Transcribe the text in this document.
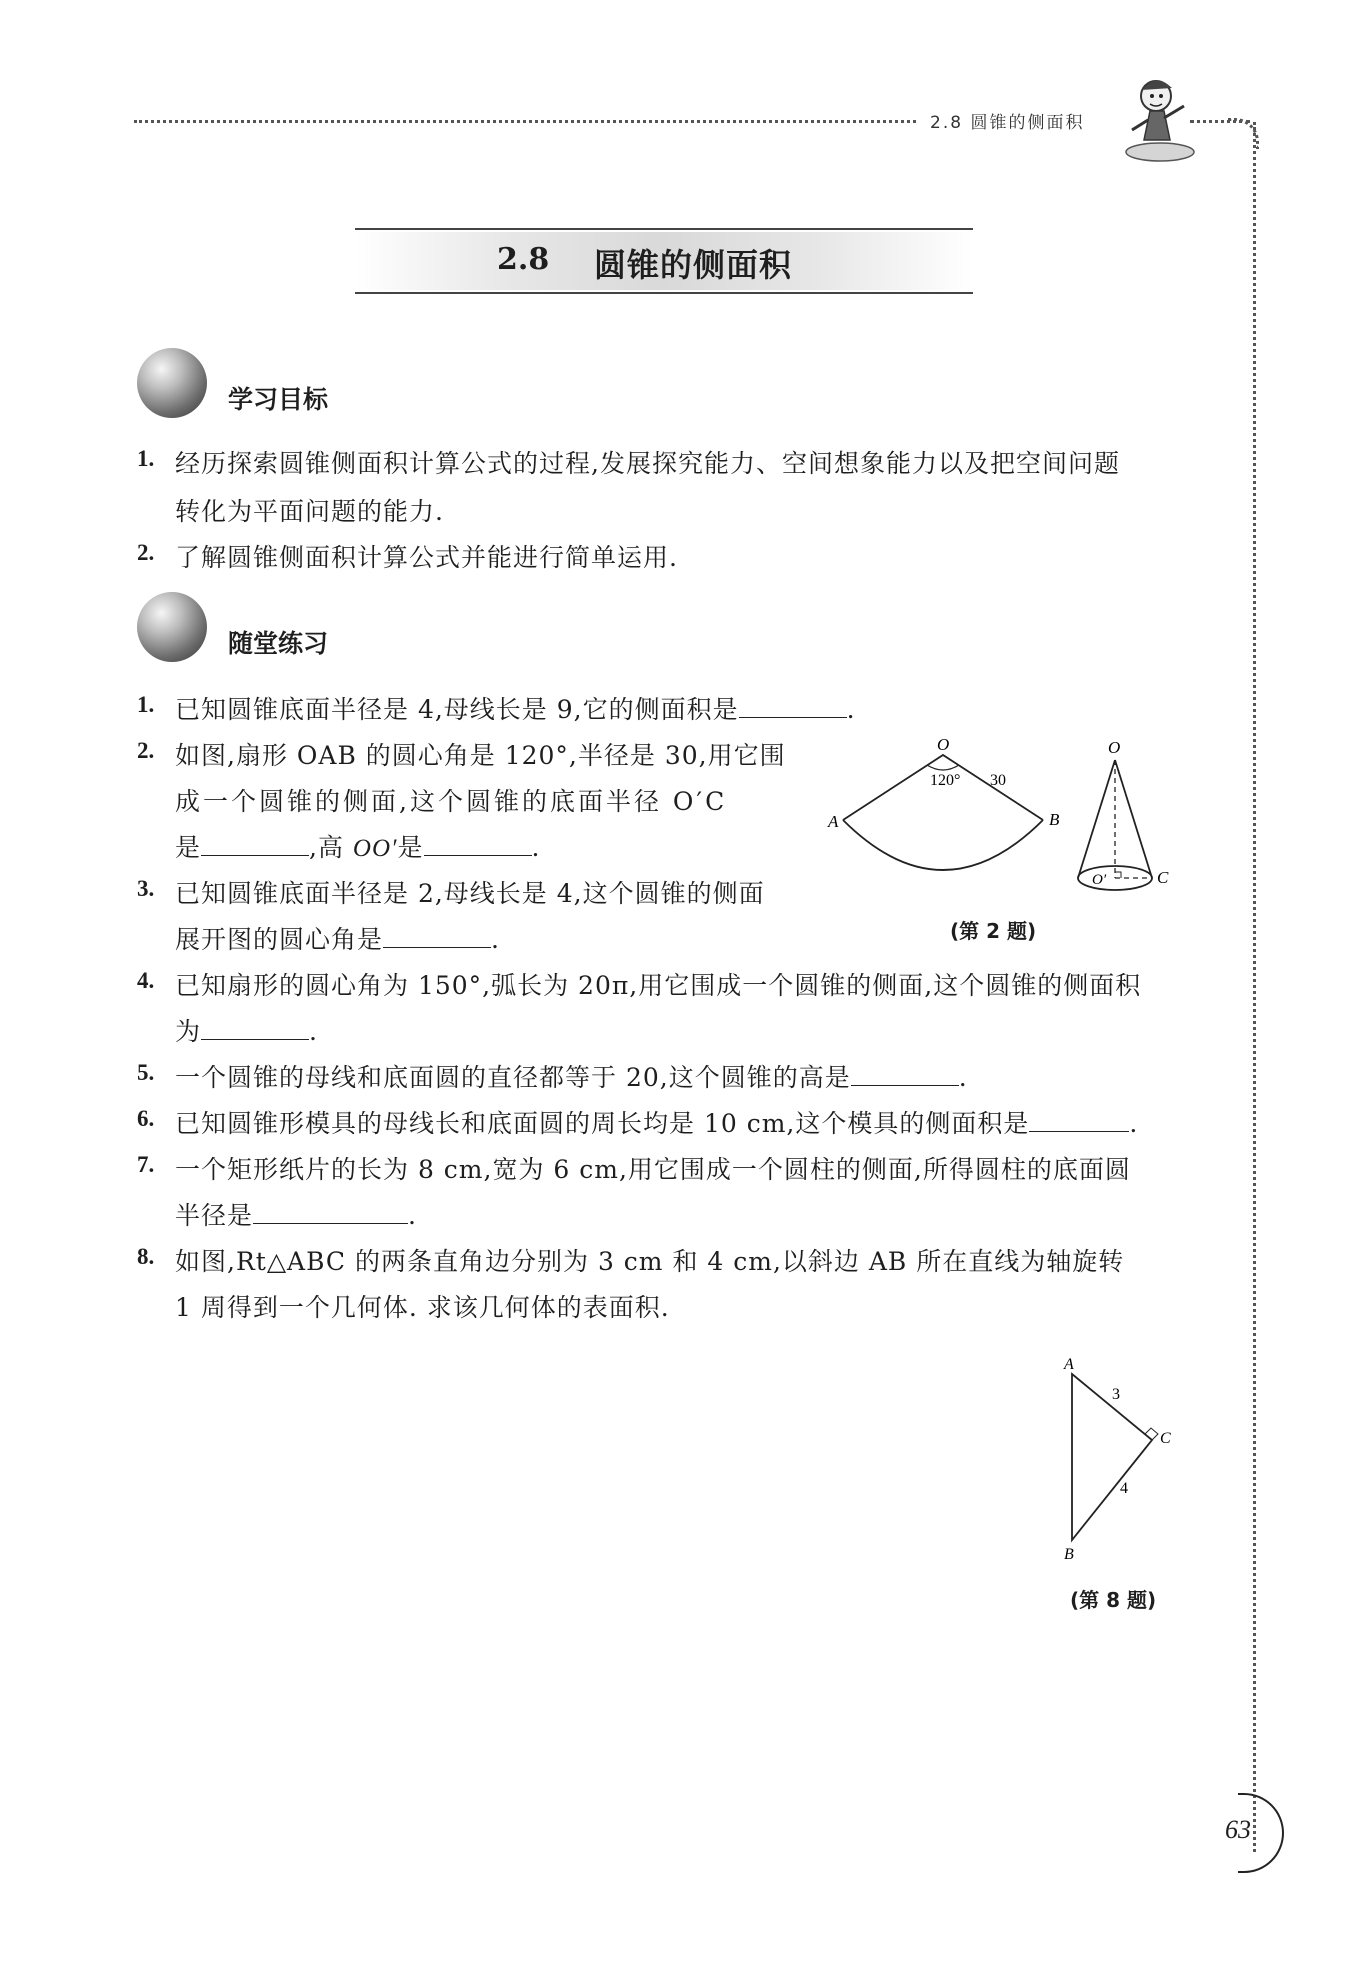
2.8 圆锥的侧面积
2.8 圆锥的侧面积
学习目标
1. 经历探索圆锥侧面积计算公式的过程,发展探究能力、空间想象能力以及把空间问题
转化为平面问题的能力.
2. 了解圆锥侧面积计算公式并能进行简单运用.
随堂练习
1. 已知圆锥底面半径是 4,母线长是 9,它的侧面积是	.
2. 如图,扇形 OAB 的圆心角是 120°,半径是 30,用它围
成一个圆锥的侧面,这个圆锥的底面半径 O′C
是	,高 OO′是	.
3. 已知圆锥底面半径是 2,母线长是 4,这个圆锥的侧面
展开图的圆心角是	.
O
120° 30
A	B
O
O′	C
(第 2 题)
4. 已知扇形的圆心角为 150°,弧长为 20π,用它围成一个圆锥的侧面,这个圆锥的侧面积
为	.
5. 一个圆锥的母线和底面圆的直径都等于 20,这个圆锥的高是	.
6. 已知圆锥形模具的母线长和底面圆的周长均是 10 cm,这个模具的侧面积是	.
7. 一个矩形纸片的长为 8 cm,宽为 6 cm,用它围成一个圆柱的侧面,所得圆柱的底面圆
半径是	.
8. 如图,Rt△ABC 的两条直角边分别为 3 cm 和 4 cm,以斜边 AB 所在直线为轴旋转
1 周得到一个几何体. 求该几何体的表面积.
A
C
B
3
4
(第 8 题)
63
